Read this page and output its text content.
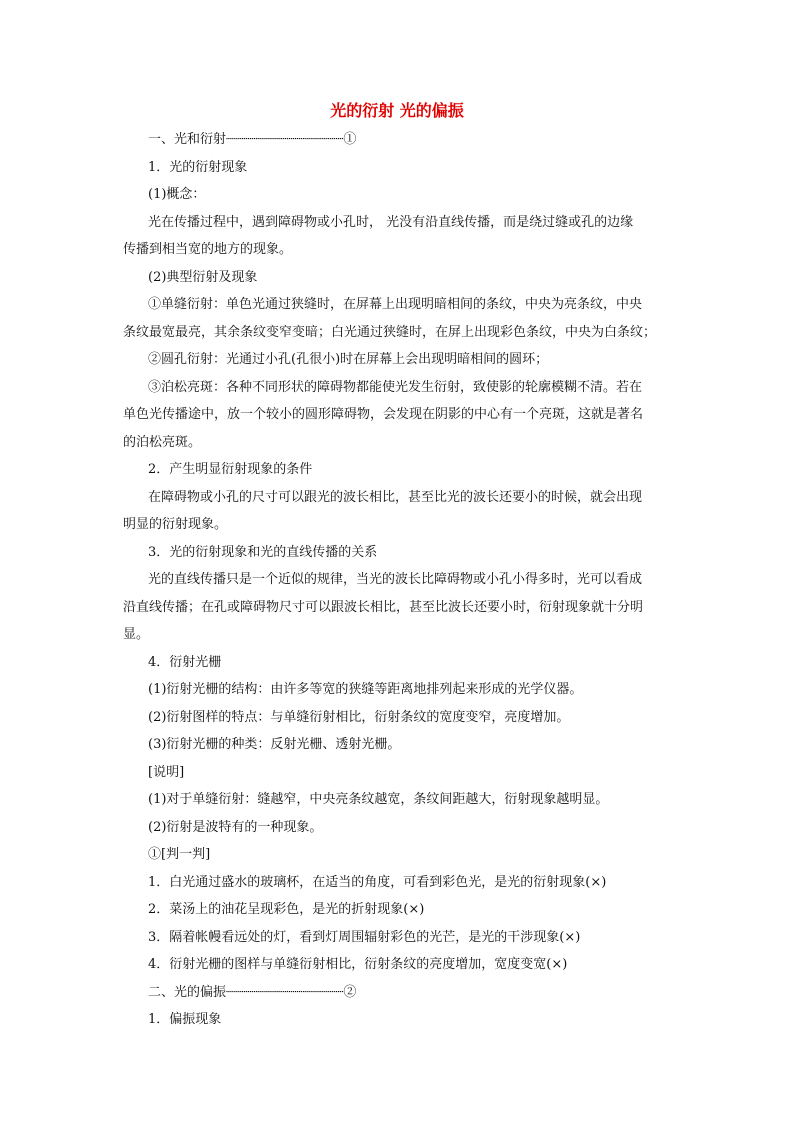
光的衍射 光的偏振
一、光和衍射┈┈┈┈┈┈┈┈┈┈┈┈┈┈┈①
1．光的衍射现象
(1)概念：
光在传播过程中，遇到障碍物或小孔时， 光没有沿直线传播，而是绕过缝或孔的边缘
传播到相当宽的地方的现象。
(2)典型衍射及现象
①单缝衍射：单色光通过狭缝时，在屏幕上出现明暗相间的条纹，中央为亮条纹，中央
条纹最宽最亮，其余条纹变窄变暗；白光通过狭缝时，在屏上出现彩色条纹，中央为白条纹；
②圆孔衍射：光通过小孔(孔很小)时在屏幕上会出现明暗相间的圆环；
③泊松亮斑：各种不同形状的障碍物都能使光发生衍射，致使影的轮廓模糊不清。若在
单色光传播途中，放一个较小的圆形障碍物，会发现在阴影的中心有一个亮斑，这就是著名
的泊松亮斑。
2．产生明显衍射现象的条件
在障碍物或小孔的尺寸可以跟光的波长相比，甚至比光的波长还要小的时候，就会出现
明显的衍射现象。
3．光的衍射现象和光的直线传播的关系
光的直线传播只是一个近似的规律，当光的波长比障碍物或小孔小得多时，光可以看成
沿直线传播；在孔或障碍物尺寸可以跟波长相比，甚至比波长还要小时，衍射现象就十分明
显。
4．衍射光栅
(1)衍射光栅的结构：由许多等宽的狭缝等距离地排列起来形成的光学仪器。
(2)衍射图样的特点：与单缝衍射相比，衍射条纹的宽度变窄，亮度增加。
(3)衍射光栅的种类：反射光栅、透射光栅。
[说明]
(1)对于单缝衍射：缝越窄，中央亮条纹越宽，条纹间距越大，衍射现象越明显。
(2)衍射是波特有的一种现象。
①[判一判]
1．白光通过盛水的玻璃杯，在适当的角度，可看到彩色光，是光的衍射现象(×)
2．菜汤上的油花呈现彩色，是光的折射现象(×)
3．隔着帐幔看远处的灯，看到灯周围辐射彩色的光芒，是光的干涉现象(×)
4．衍射光栅的图样与单缝衍射相比，衍射条纹的亮度增加，宽度变宽(×)
二、光的偏振┈┈┈┈┈┈┈┈┈┈┈┈┈┈┈②
1．偏振现象
